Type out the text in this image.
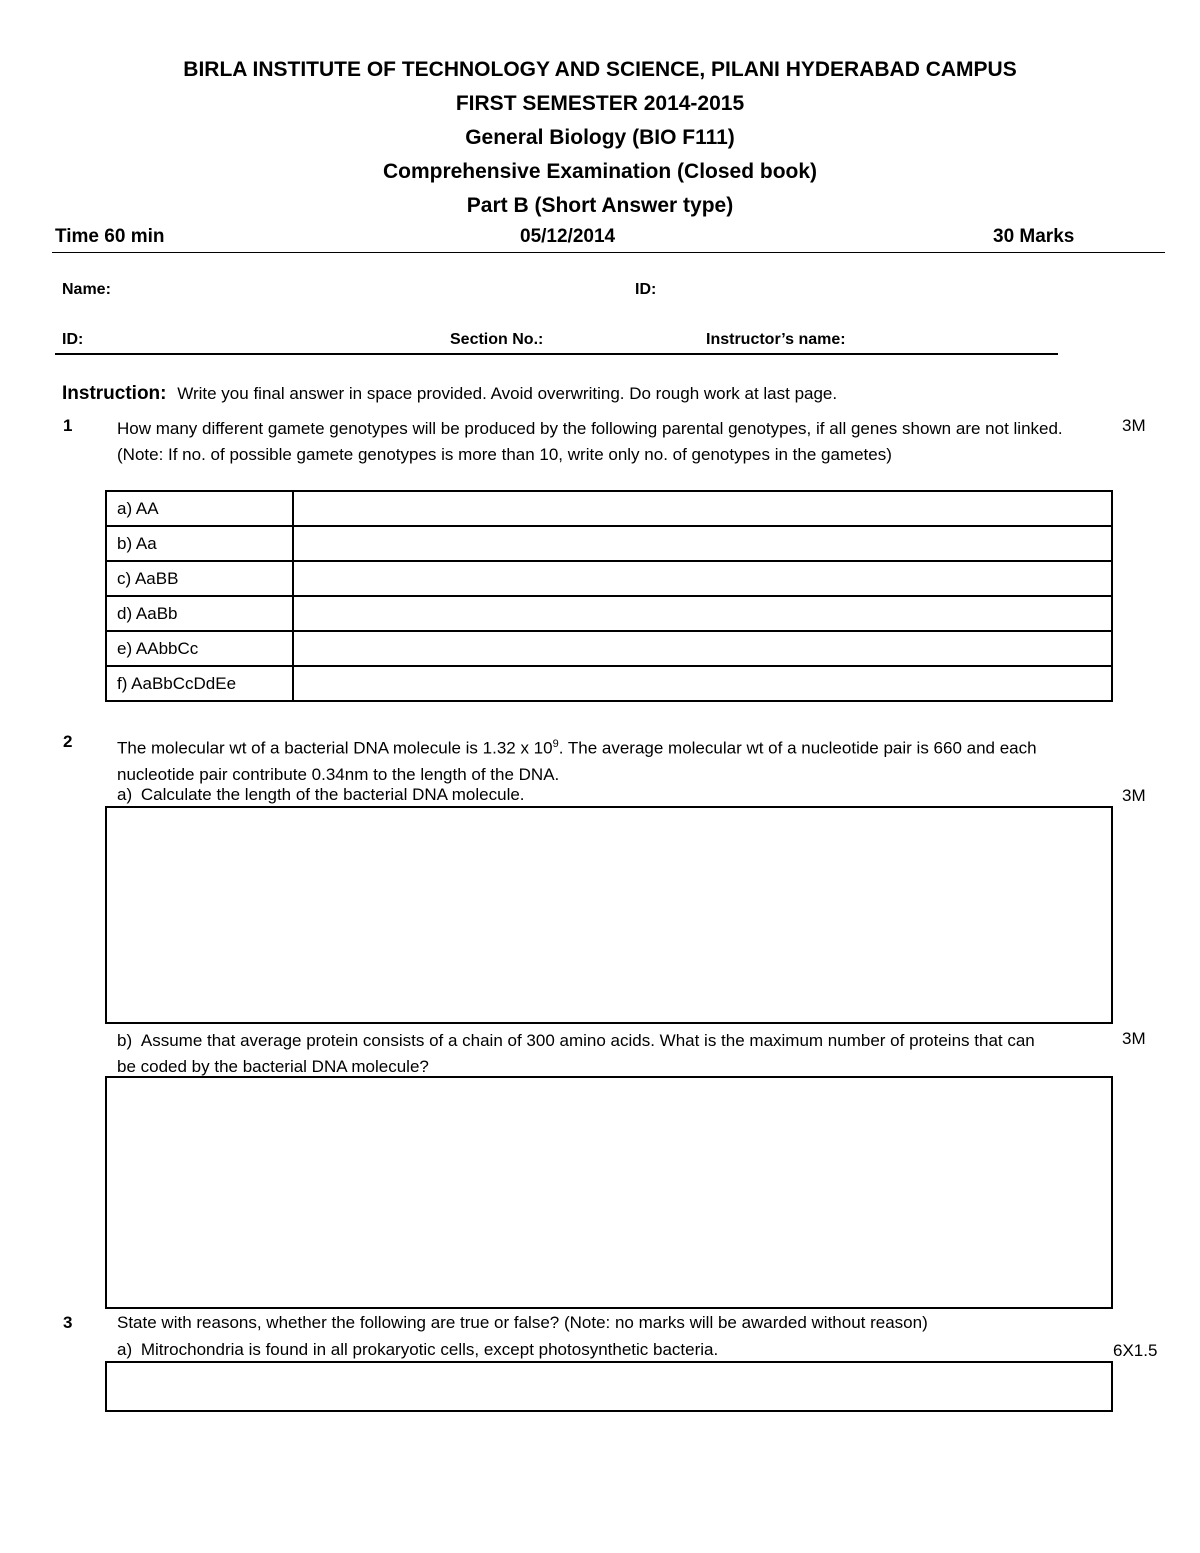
BIRLA INSTITUTE OF TECHNOLOGY AND SCIENCE, PILANI HYDERABAD CAMPUS
FIRST SEMESTER 2014-2015
General Biology (BIO F111)
Comprehensive Examination (Closed book)
Part B (Short Answer type)
Time 60 min	05/12/2014	30 Marks
Name:	ID:
ID:	Section No.:	Instructor’s name:
Instruction: Write you final answer in space provided. Avoid overwriting. Do rough work at last page.
1	How many different gamete genotypes will be produced by the following parental genotypes, if all genes shown are not linked. (Note: If no. of possible gamete genotypes is more than 10, write only no. of genotypes in the gametes)
3M
a) AA	
b) Aa	
c) AaBB	
d) AaBb	
e) AAbbCc	
f) AaBbCcDdEe	
2	The molecular wt of a bacterial DNA molecule is 1.32 x $10^9$. The average molecular wt of a nucleotide pair is 660 and each nucleotide pair contribute 0.34nm to the length of the DNA.
a) Calculate the length of the bacterial DNA molecule.	3M
b) Assume that average protein consists of a chain of 300 amino acids. What is the maximum number of proteins that can be coded by the bacterial DNA molecule?
3M
3	State with reasons, whether the following are true or false? (Note: no marks will be awarded without reason)
a) Mitrochondria is found in all prokaryotic cells, except photosynthetic bacteria.	6X1.5
